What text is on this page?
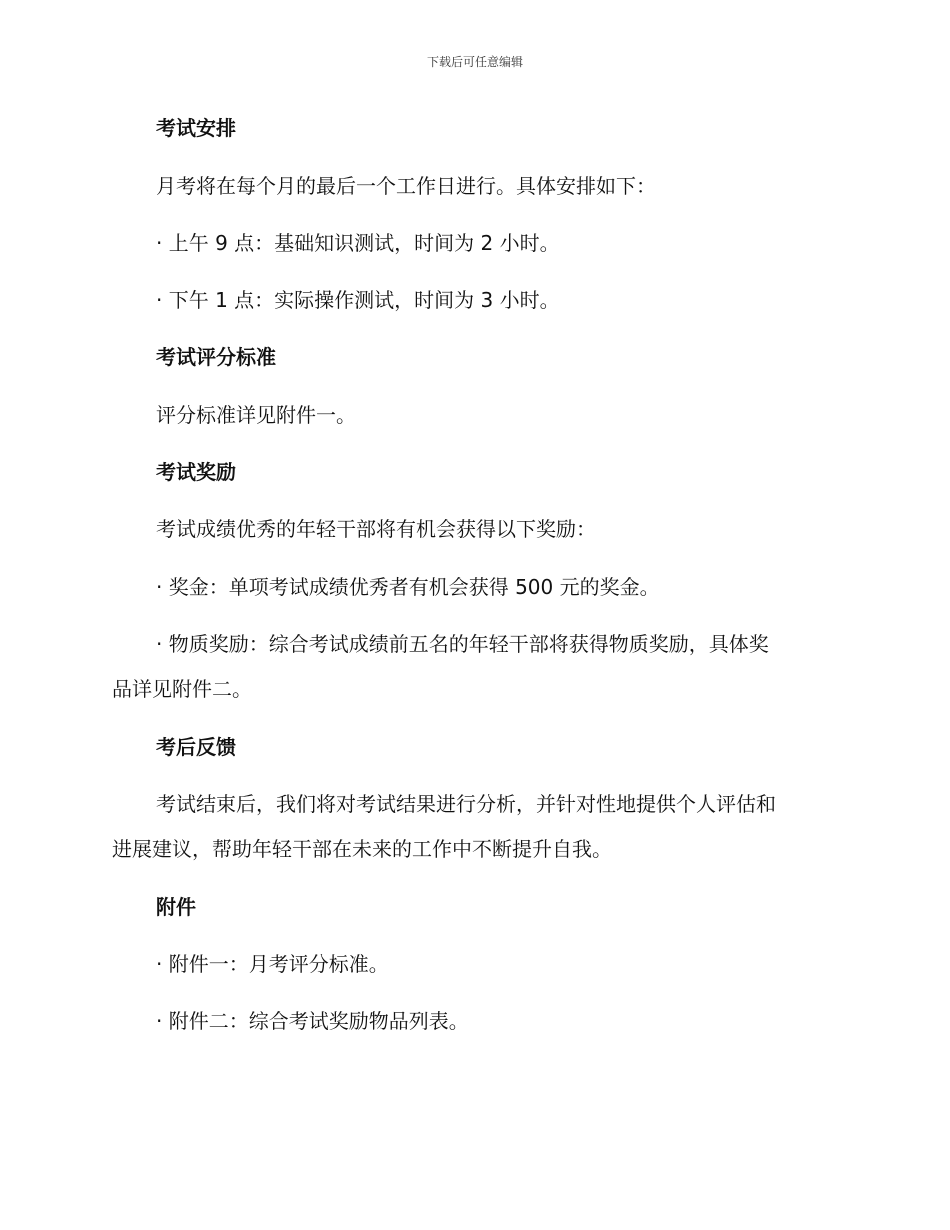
下载后可任意编辑
考试安排
月考将在每个月的最后一个工作日进行。具体安排如下：
· 上午 9 点：基础知识测试，时间为 2 小时。
· 下午 1 点：实际操作测试，时间为 3 小时。
考试评分标准
评分标准详见附件一。
考试奖励
考试成绩优秀的年轻干部将有机会获得以下奖励：
· 奖金：单项考试成绩优秀者有机会获得 500 元的奖金。
· 物质奖励：综合考试成绩前五名的年轻干部将获得物质奖励，具体奖
品详见附件二。
考后反馈
考试结束后，我们将对考试结果进行分析，并针对性地提供个人评估和
进展建议，帮助年轻干部在未来的工作中不断提升自我。
附件
· 附件一：月考评分标准。
· 附件二：综合考试奖励物品列表。
